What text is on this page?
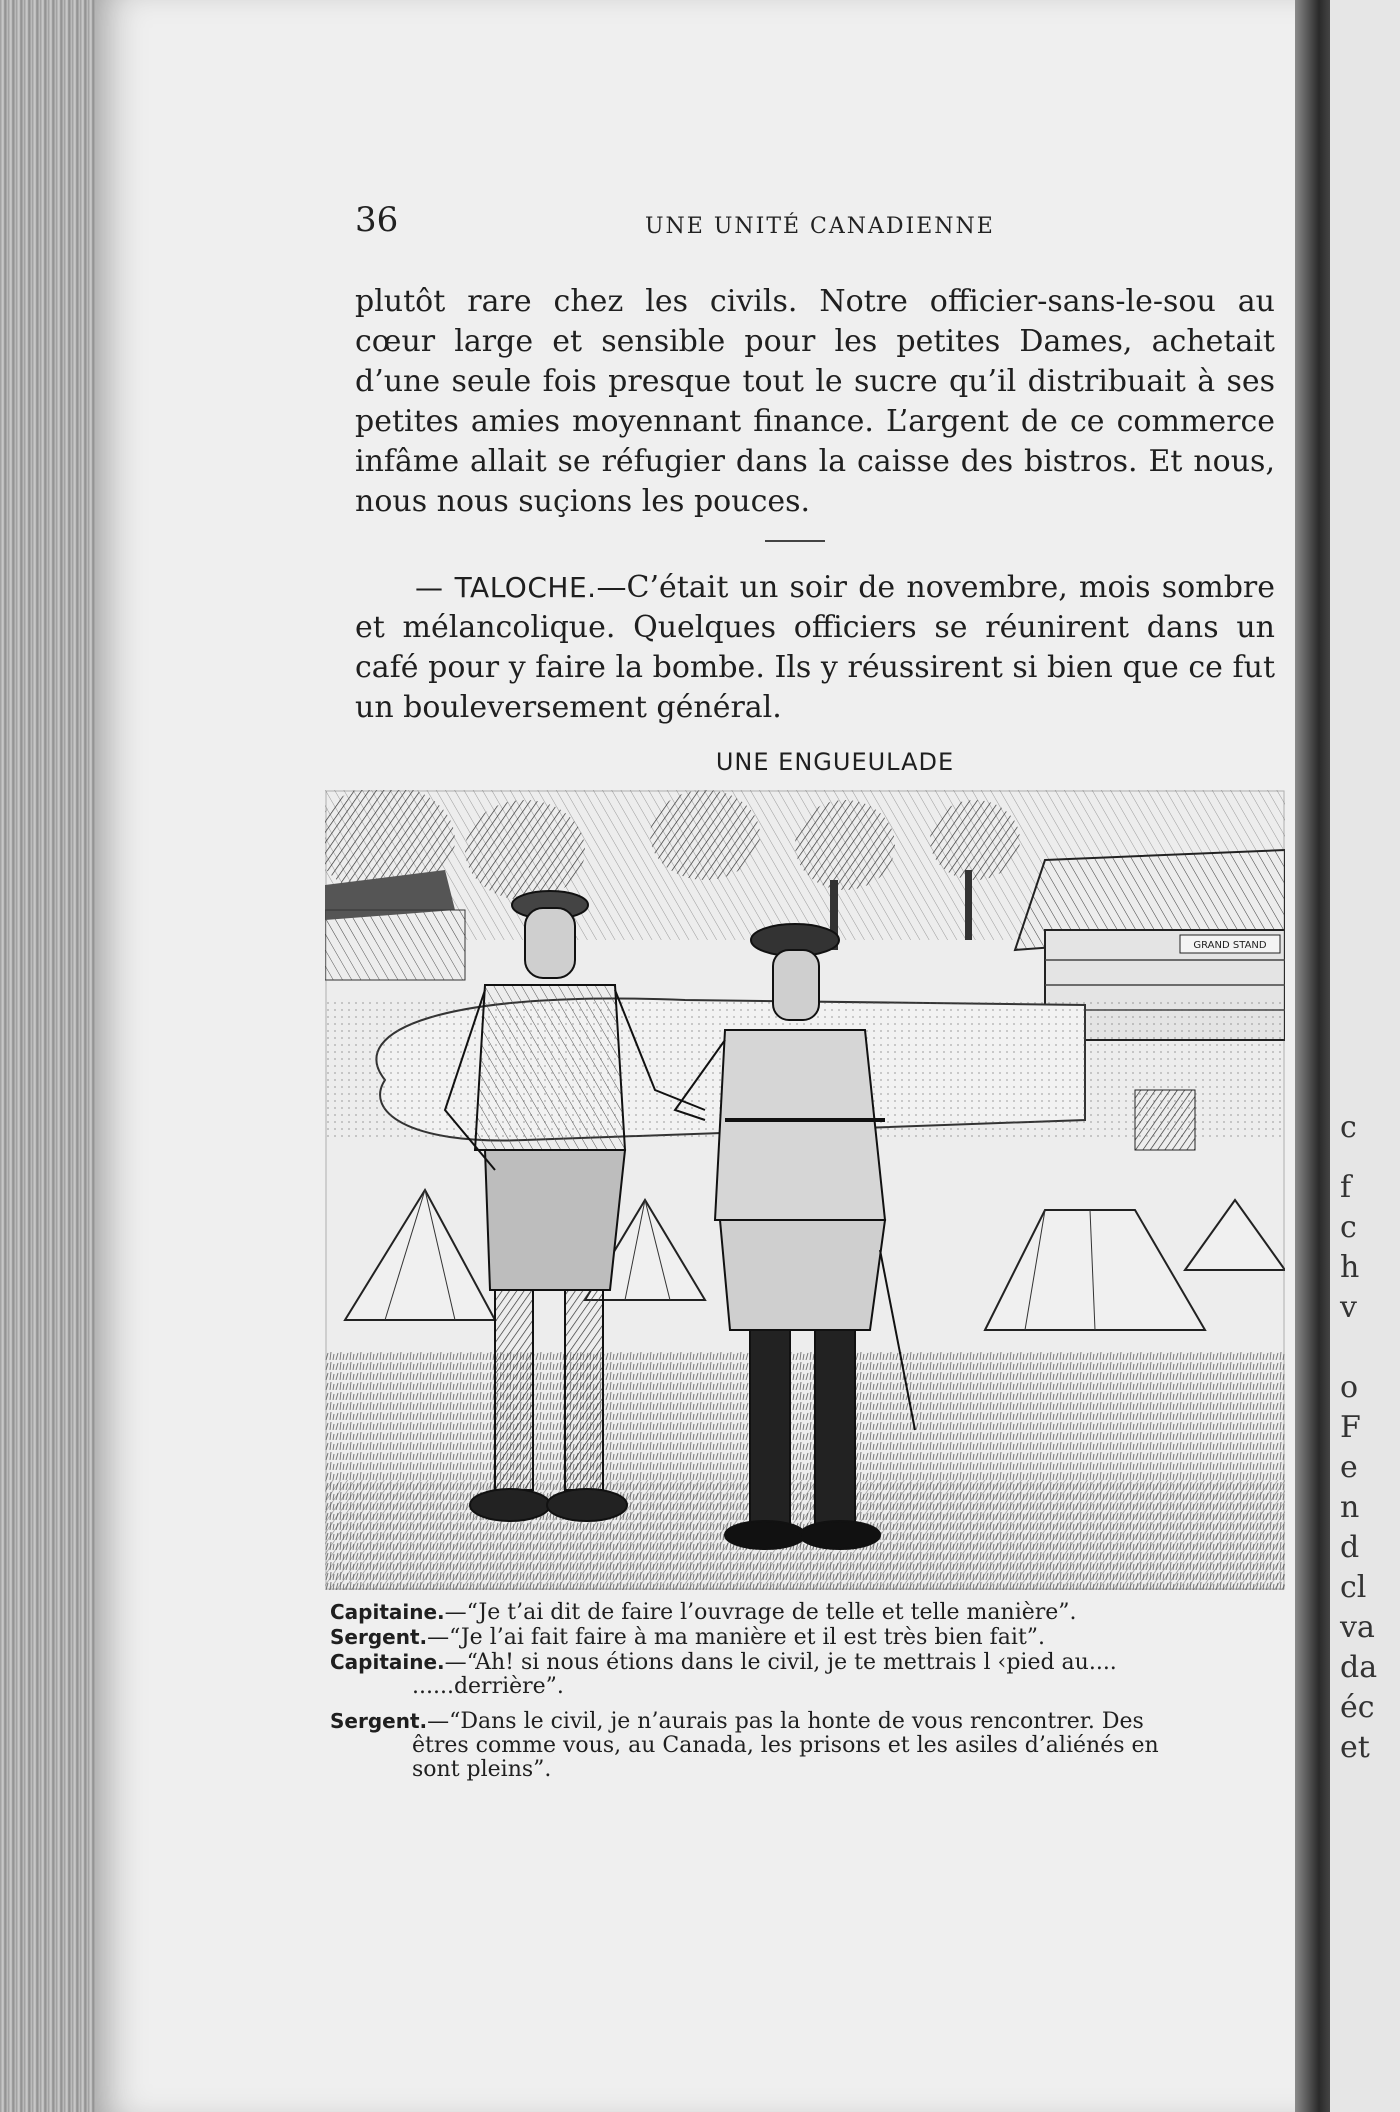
c
f
c
h
v
o
F
e
n
d
cl
va
da
éc
et
36	UNE UNITÉ CANADIENNE

plutôt rare chez les civils. Notre officier-sans-le-sou au cœur large et sensible pour les petites Dames, achetait d’une seule fois presque tout le sucre qu’il distribuait à ses petites amies moyennant finance. L’argent de ce commerce infâme allait se réfugier dans la caisse des bistros. Et nous, nous nous suçions les pouces.

— TALOCHE.—C’était un soir de novembre, mois sombre et mélancolique. Quelques officiers se réunirent dans un café pour y faire la bombe. Ils y réussirent si bien que ce fut un bouleversement général.
UNE ENGUEULADE
GRAND STAND
Capitaine.—“Je t’ai dit de faire l’ouvrage de telle et telle manière”.
Sergent.—“Je l’ai fait faire à ma manière et il est très bien fait”.
Capitaine.—“Ah! si nous étions dans le civil, je te mettrais l ‹pied au....
......derrière”.
Sergent.—“Dans le civil, je n’aurais pas la honte de vous rencontrer. Des
êtres comme vous, au Canada, les prisons et les asiles d’aliénés en
sont pleins”.
